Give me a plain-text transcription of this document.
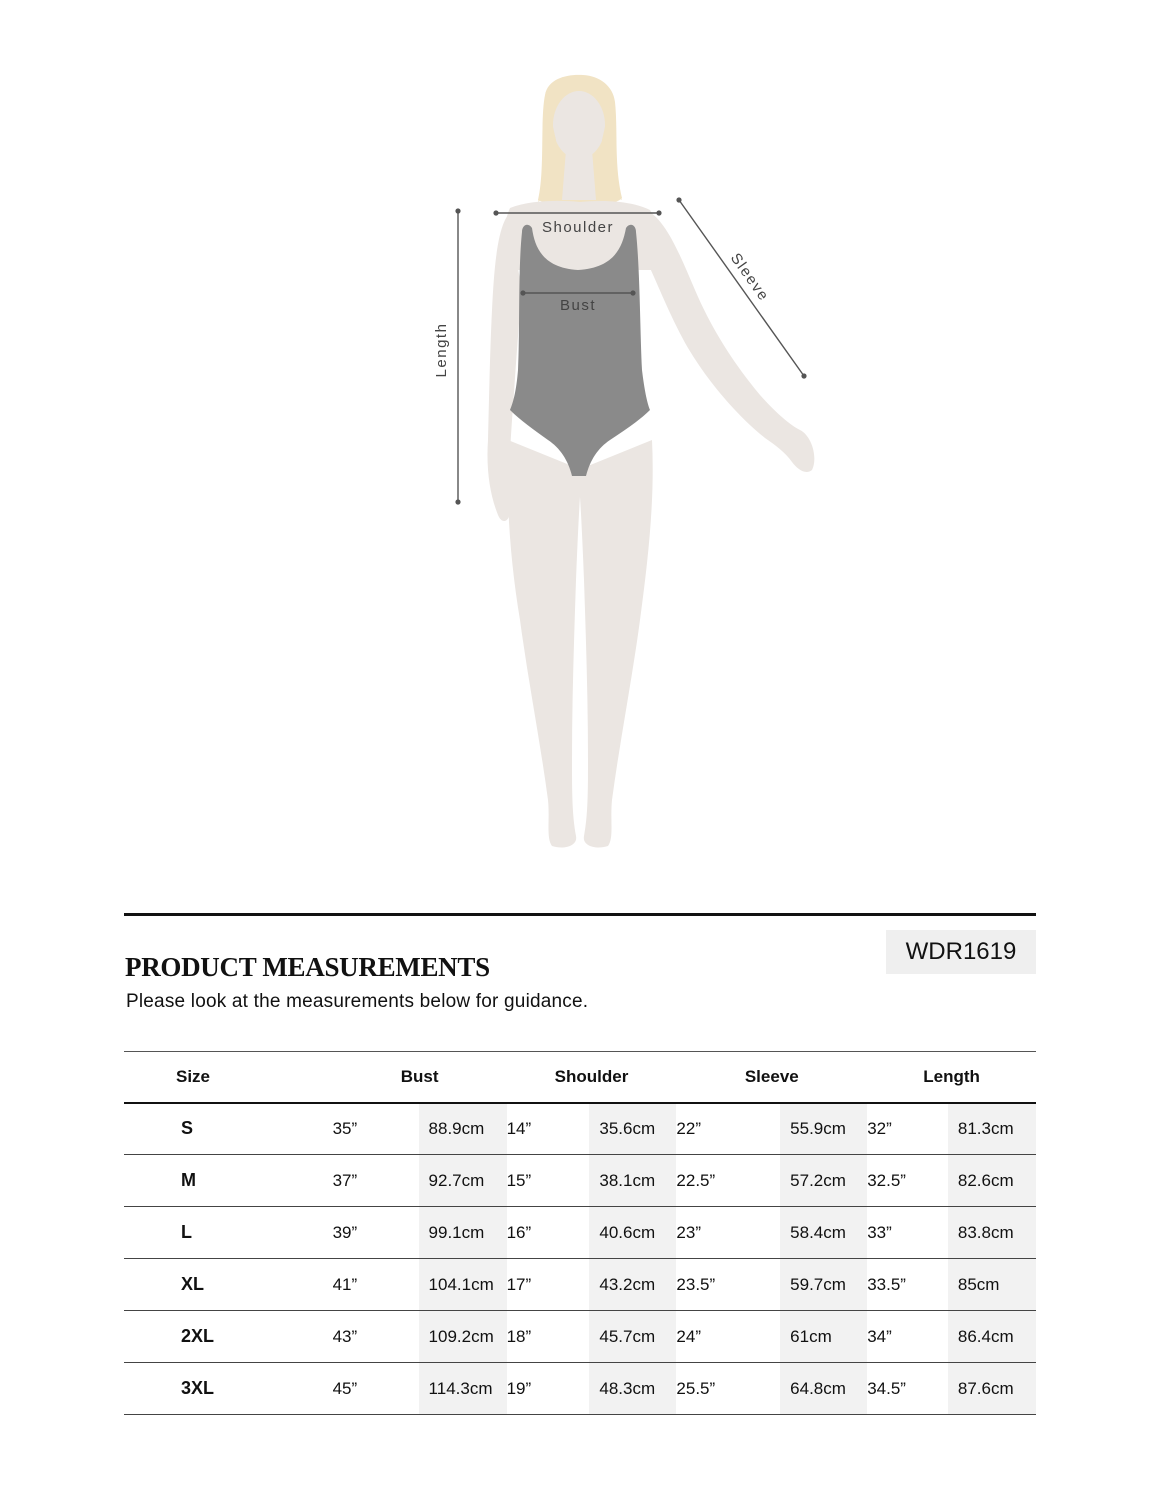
Shoulder
Bust
Length
Sleeve
PRODUCT MEASUREMENTS
WDR1619
Please look at the measurements below for guidance.
Size	Bust		Shoulder		Sleeve		Length	
S	35”	88.9cm	14”	35.6cm	22”	55.9cm	32”	81.3cm
M	37”	92.7cm	15”	38.1cm	22.5”	57.2cm	32.5”	82.6cm
L	39”	99.1cm	16”	40.6cm	23”	58.4cm	33”	83.8cm
XL	41”	104.1cm	17”	43.2cm	23.5”	59.7cm	33.5”	85cm
2XL	43”	109.2cm	18”	45.7cm	24”	61cm	34”	86.4cm
3XL	45”	114.3cm	19”	48.3cm	25.5”	64.8cm	34.5”	87.6cm
